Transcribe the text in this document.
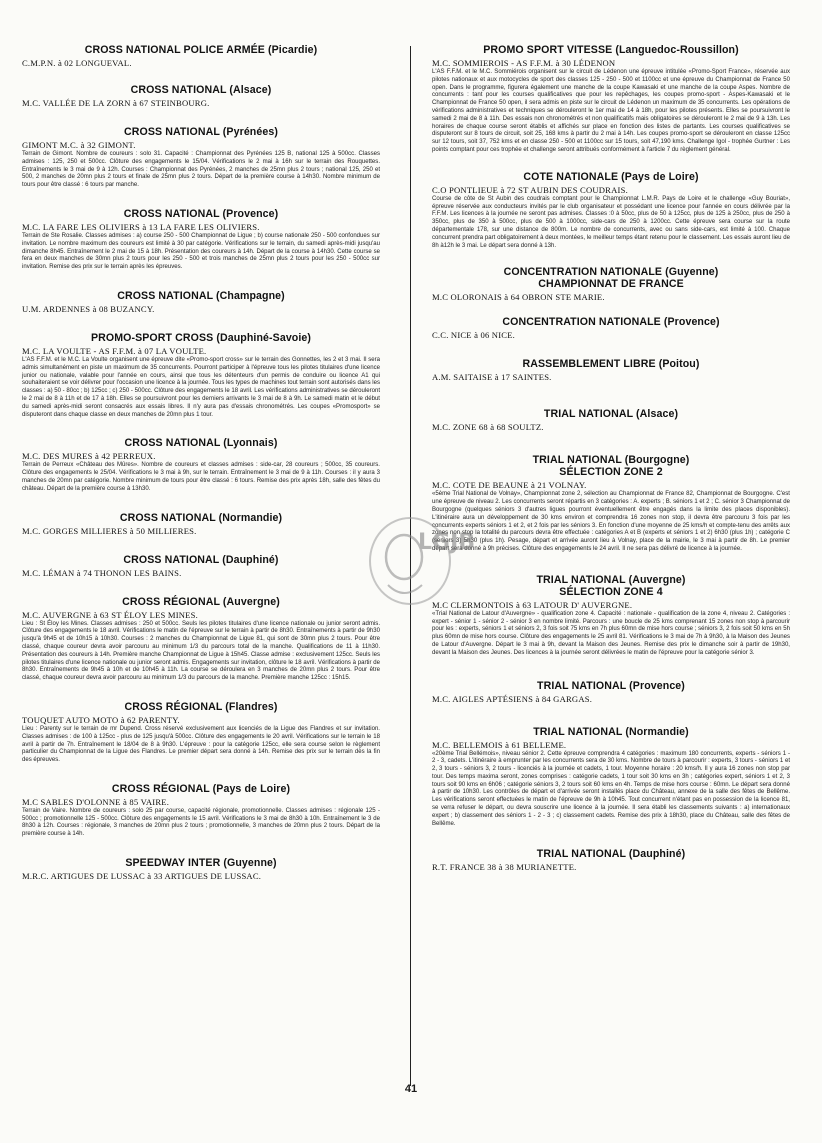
CROSS NATIONAL POLICE ARMÉE (Picardie)
C.M.P.N. à 02 LONGUEVAL.
CROSS NATIONAL (Alsace)
M.C. VALLÉE DE LA ZORN à 67 STEINBOURG.
CROSS NATIONAL (Pyrénées)
GIMONT M.C. à 32 GIMONT.

Terrain de Gimont. Nombre de coureurs : solo 31. Capacité : Championnat des Pyrénées 125 B, national 125 à 500cc. Classes admises : 125, 250 et 500cc. Clôture des engagements le 15/04. Vérifications le 2 mai à 16h sur le terrain des Rouquettes. Entraînements le 3 mai de 9 à 12h. Courses : Championnat des Pyrénées, 2 manches de 25mn plus 2 tours ; national 125, 250 et 500, 2 manches de 20mn plus 2 tours et finale de 25mn plus 2 tours. Départ de la première course à 14h30. Nombre minimum de tours pour être classé : 6 tours par manche.

CROSS NATIONAL (Provence)
M.C. LA FARE LES OLIVIERS à 13 LA FARE LES OLIVIERS.

Terrain de Ste Rosalie. Classes admises : a) course 250 - 500 Championnat de Ligue ; b) course nationale 250 - 500 confondues sur invitation. Le nombre maximum des coureurs est limité à 30 par catégorie. Vérifications sur le terrain, du samedi après-midi jusqu'au dimanche 8h45. Entraînement le 2 mai de 15 à 18h. Présentation des coureurs à 14h. Départ de la course à 14h30. Cette course se fera en deux manches de 30mn plus 2 tours pour les 250 - 500 et trois manches de 25mn plus 2 tours pour les 250 - 500cc sur invitation. Remise des prix sur le terrain après les épreuves.

CROSS NATIONAL (Champagne)
U.M. ARDENNES à 08 BUZANCY.
PROMO-SPORT CROSS (Dauphiné-Savoie)
M.C. LA VOULTE - AS F.F.M. à 07 LA VOULTE.

L'AS F.F.M. et le M.C. La Voulte organisent une épreuve dite «Promo-sport cross» sur le terrain des Gonnettes, les 2 et 3 mai. Il sera admis simultanément en piste un maximum de 35 concurrents. Pourront participer à l'épreuve tous les pilotes titulaires d'une licence junior ou nationale, valable pour l'année en cours, ainsi que tous les détenteurs d'un permis de conduire ou licence A1 qui souhaiteraient se voir délivrer pour l'occasion une licence à la journée. Tous les types de machines tout terrain sont autorisés dans les classes : a) 50 - 80cc ; b) 125cc ; c) 250 - 500cc. Clôture des engagements le 18 avril. Les vérifications administratives se dérouleront le 2 mai de 8 à 11h et de 17 à 18h. Elles se poursuivront pour les derniers arrivants le 3 mai de 8 à 9h. Le samedi matin et le début du samedi après-midi seront consacrés aux essais libres. Il n'y aura pas d'essais chronométrés. Les coupes «Promosport» se disputeront dans chaque classe en deux manches de 20mn plus 1 tour.

CROSS NATIONAL (Lyonnais)
M.C. DES MURES à 42 PERREUX.

Terrain de Perreux «Château des Mûres». Nombre de coureurs et classes admises : side-car, 28 coureurs ; 500cc, 35 coureurs. Clôture des engagements le 25/04. Vérifications le 3 mai à 9h, sur le terrain. Entraînement le 3 mai de 9 à 11h. Courses : il y aura 3 manches de 20mn par catégorie. Nombre minimum de tours pour être classé : 6 tours. Remise des prix après 18h, salle des fêtes du château. Départ de la première course à 13h30.

CROSS NATIONAL (Normandie)
M.C. GORGES MILLIERES à 50 MILLIERES.
CROSS NATIONAL (Dauphiné)
M.C. LÉMAN à 74 THONON LES BAINS.
CROSS RÉGIONAL (Auvergne)
M.C. AUVERGNE à 63 ST ÉLOY LES MINES.

Lieu : St Éloy les Mines. Classes admises : 250 et 500cc. Seuls les pilotes titulaires d'une licence nationale ou junior seront admis. Clôture des engagements le 18 avril. Vérifications le matin de l'épreuve sur le terrain à partir de 8h30. Entraînements à partir de 9h30 jusqu'à 9h45 et de 10h15 à 10h30. Courses : 2 manches du Championnat de Ligue 81, qui sont de 30mn plus 2 tours. Pour être classé, chaque coureur devra avoir parcouru au minimum 1/3 du parcours total de la manche. Qualifications de 11 à 11h30. Présentation des coureurs à 14h. Première manche Championnat de Ligue à 15h45. Classe admise : exclusivement 125cc. Seuls les pilotes titulaires d'une licence nationale ou junior seront admis. Engagements sur invitation, clôture le 18 avril. Vérifications à partir de 8h30. Entraînements de 9h45 à 10h et de 10h45 à 11h. La course se déroulera en 3 manches de 20mn plus 2 tours. Pour être classé, chaque coureur devra avoir parcouru au minimum 1/3 du parcours de la manche. Première manche 125cc : 15h15.

CROSS RÉGIONAL (Flandres)
TOUQUET AUTO MOTO à 62 PARENTY.

Lieu : Parenty sur le terrain de mr Dupend. Cross réservé exclusivement aux licenciés de la Ligue des Flandres et sur invitation. Classes admises : de 100 à 125cc - plus de 125 jusqu'à 500cc. Clôture des engagements le 20 avril. Vérifications sur le terrain le 18 avril à partir de 7h. Entraînement le 18/04 de 8 à 9h30. L'épreuve : pour la catégorie 125cc, elle sera course selon le règlement particulier du Championnat de la Ligue des Flandres. Le premier départ sera donné à 14h. Remise des prix sur le terrain dès la fin des épreuves.

CROSS RÉGIONAL (Pays de Loire)
M.C SABLES D'OLONNE à 85 VAIRE.

Terrain de Vaire. Nombre de coureurs : solo 25 par course, capacité régionale, promotionnelle. Classes admises : régionale 125 - 500cc ; promotionnelle 125 - 500cc. Clôture des engagements le 15 avril. Vérifications le 3 mai de 8h30 à 10h. Entraînement le 3 de 8h30 à 12h. Courses : régionale, 3 manches de 20mn plus 2 tours ; promotionnelle, 3 manches de 20mn plus 2 tours. Départ de la première course à 14h.

SPEEDWAY INTER (Guyenne)
M.R.C. ARTIGUES DE LUSSAC à 33 ARTIGUES DE LUSSAC.
PROMO SPORT VITESSE (Languedoc-Roussillon)
M.C. SOMMIEROIS - AS F.F.M. à 30 LÉDENON

L'AS F.F.M. et le M.C. Sommiérois organisent sur le circuit de Lédenon une épreuve intitulée «Promo-Sport France», réservée aux pilotes nationaux et aux motocycles de sport des classes 125 - 250 - 500 et 1100cc et une épreuve du Championnat de France 50 open. Dans le programme, figurera également une manche de la coupe Kawasaki et une manche de la coupe Aspes. Nombre de concurrents : tant pour les courses qualificatives que pour les repêchages, les coupes promo-sport - Aspes-Kawasaki et le Championnat de France 50 open, il sera admis en piste sur le circuit de Lédenon un maximum de 35 concurrents. Les opérations de vérifications administratives et techniques se dérouleront le 1er mai de 14 à 18h, pour les pilotes présents. Elles se poursuivront le samedi 2 mai de 8 à 11h. Des essais non chronométrés et non qualificatifs mais obligatoires se dérouleront le 2 mai de 9 à 13h. Les horaires de chaque course seront établis et affichés sur place en fonction des listes de partants. Les courses qualificatives se disputeront sur 8 tours de circuit, soit 25, 168 kms à partir du 2 mai à 14h. Les coupes promo-sport se dérouleront en classe 125cc sur 12 tours, soit 37, 752 kms et en classe 250 - 500 et 1100cc sur 15 tours, soit 47,190 kms. Challenge Igol - trophée Gurtner : Les points comptant pour ces trophée et challenge seront attribués conformément à l'article 7 du règlement général.

COTE NATIONALE (Pays de Loire)
C.O PONTLIEUE à 72 ST AUBIN DES COUDRAIS.

Course de côte de St Aubin des coudrais comptant pour le Championnat L.M.R. Pays de Loire et le challenge «Guy Bouriat», épreuve réservée aux conducteurs invités par le club organisateur et possédant une licence pour l'année en cours délivrée par la F.F.M. Les licences à la journée ne seront pas admises. Classes :0 à 50cc, plus de 50 à 125cc, plus de 125 à 250cc, plus de 250 à 350cc, plus de 350 à 500cc, plus de 500 à 1000cc, side-cars de 250 à 1200cc. Cette épreuve sera course sur la route départementale 178, sur une distance de 800m. Le nombre de concurrents, avec ou sans side-cars, est limité à 100. Chaque concurrent prendra part obligatoirement à deux montées, le meilleur temps étant retenu pour le classement. Les essais auront lieu de 8h à12h le 3 mai. Le départ sera donné à 13h.

CONCENTRATION NATIONALE (Guyenne)
CHAMPIONNAT DE FRANCE
M.C OLORONAIS à 64 OBRON STE MARIE.
CONCENTRATION NATIONALE (Provence)
C.C. NICE à 06 NICE.
RASSEMBLEMENT LIBRE (Poitou)
A.M. SAITAISE à 17 SAINTES.
TRIAL NATIONAL (Alsace)
M.C. ZONE 68 à 68 SOULTZ.
TRIAL NATIONAL (Bourgogne)
SÉLECTION ZONE 2
M.C. COTE DE BEAUNE à 21 VOLNAY.

«5ème Trial National de Volnay», Championnat zone 2, sélection au Championnat de France 82, Championnat de Bourgogne. C'est une épreuve de niveau 2. Les concurrents seront répartis en 3 catégories : A. experts ; B. séniors 1 et 2 ; C. sénior 3 Championnat de Bourgogne (quelques séniors 3 d'autres ligues pourront éventuellement être engagés dans la limite des places disponibles). L'itinéraire aura un développement de 30 kms environ et comprendra 16 zones non stop, il devra être parcouru 3 fois par les concurrents experts séniors 1 et 2, et 2 fois par les séniors 3. En fonction d'une moyenne de 25 kms/h et compte-tenu des arrêts aux zones non stop la totalité du parcours devra être effectuée : catégories A et B (experts et séniors 1 et 2) 6h30 (plus 1h) ; catégorie C (séniors 3) 5h30 (plus 1h). Pesage, départ et arrivée auront lieu à Volnay, place de la mairie, le 3 mai à partir de 8h. Le premier départ sera donné à 9h précises. Clôture des engagements le 24 avril. Il ne sera pas délivré de licence à la journée.

TRIAL NATIONAL (Auvergne)
SÉLECTION ZONE 4
M.C CLERMONTOIS à 63 LATOUR D' AUVERGNE.

«Trial National de Latour d'Auvergne» - qualification zone 4. Capacité : nationale - qualification de la zone 4, niveau 2. Catégories : expert - sénior 1 - sénior 2 - sénior 3 en nombre limité. Parcours : une boucle de 25 kms comprenant 15 zones non stop à parcourir pour les : experts, séniors 1 et séniors 2, 3 fois soit 75 kms en 7h plus 60mn de mise hors course ; séniors 3, 2 fois soit 50 kms en 5h plus 60mn de mise hors course. Clôture des engagements le 25 avril 81. Vérifications le 3 mai de 7h à 9h30, à la Maison des Jeunes de Latour d'Auvergne. Départ le 3 mai à 9h, devant la Maison des Jeunes. Remise des prix le dimanche soir à partir de 19h30, devant la Maison des Jeunes. Des licences à la journée seront délivrées le matin de l'épreuve pour la catégorie sénior 3.

TRIAL NATIONAL (Provence)
M.C. AIGLES APTÉSIENS à 84 GARGAS.
TRIAL NATIONAL (Normandie)
M.C. BELLEMOIS à 61 BELLEME.

«20ème Trial Bellémois», niveau sénior 2. Cette épreuve comprendra 4 catégories : maximum 180 concurrents, experts - séniors 1 - 2 - 3, cadets. L'itinéraire à emprunter par les concurrents sera de 30 kms. Nombre de tours à parcourir : experts, 3 tours - séniors 1 et 2, 3 tours - séniors 3, 2 tours - licenciés à la journée et cadets, 1 tour. Moyenne horaire : 20 kms/h. Il y aura 16 zones non stop par tour. Des temps maxima seront, zones comprises : catégorie cadets, 1 tour soit 30 kms en 3h ; catégories expert, séniors 1 et 2, 3 tours soit 90 kms en 6h06 ; catégorie séniors 3, 2 tours soit 60 kms en 4h. Temps de mise hors course : 60mn. Le départ sera donné à partir de 10h30. Les contrôles de départ et d'arrivée seront installés place du Château, annexe de la salle des fêtes de Bellême. Les vérifications seront effectuées le matin de l'épreuve de 9h à 10h45. Tout concurrent n'étant pas en possession de la licence 81, se verra refuser le départ, ou devra souscrire une licence à la journée. Il sera établi les classements suivants : a) internationaux expert ; b) classement des séniors 1 - 2 - 3 ; c) classement cadets. Remise des prix à 18h30, place du Château, salle des fêtes de Bellême.

TRIAL NATIONAL (Dauphiné)
R.T. FRANCE 38 à 38 MURIANETTE.
LGJB
41
